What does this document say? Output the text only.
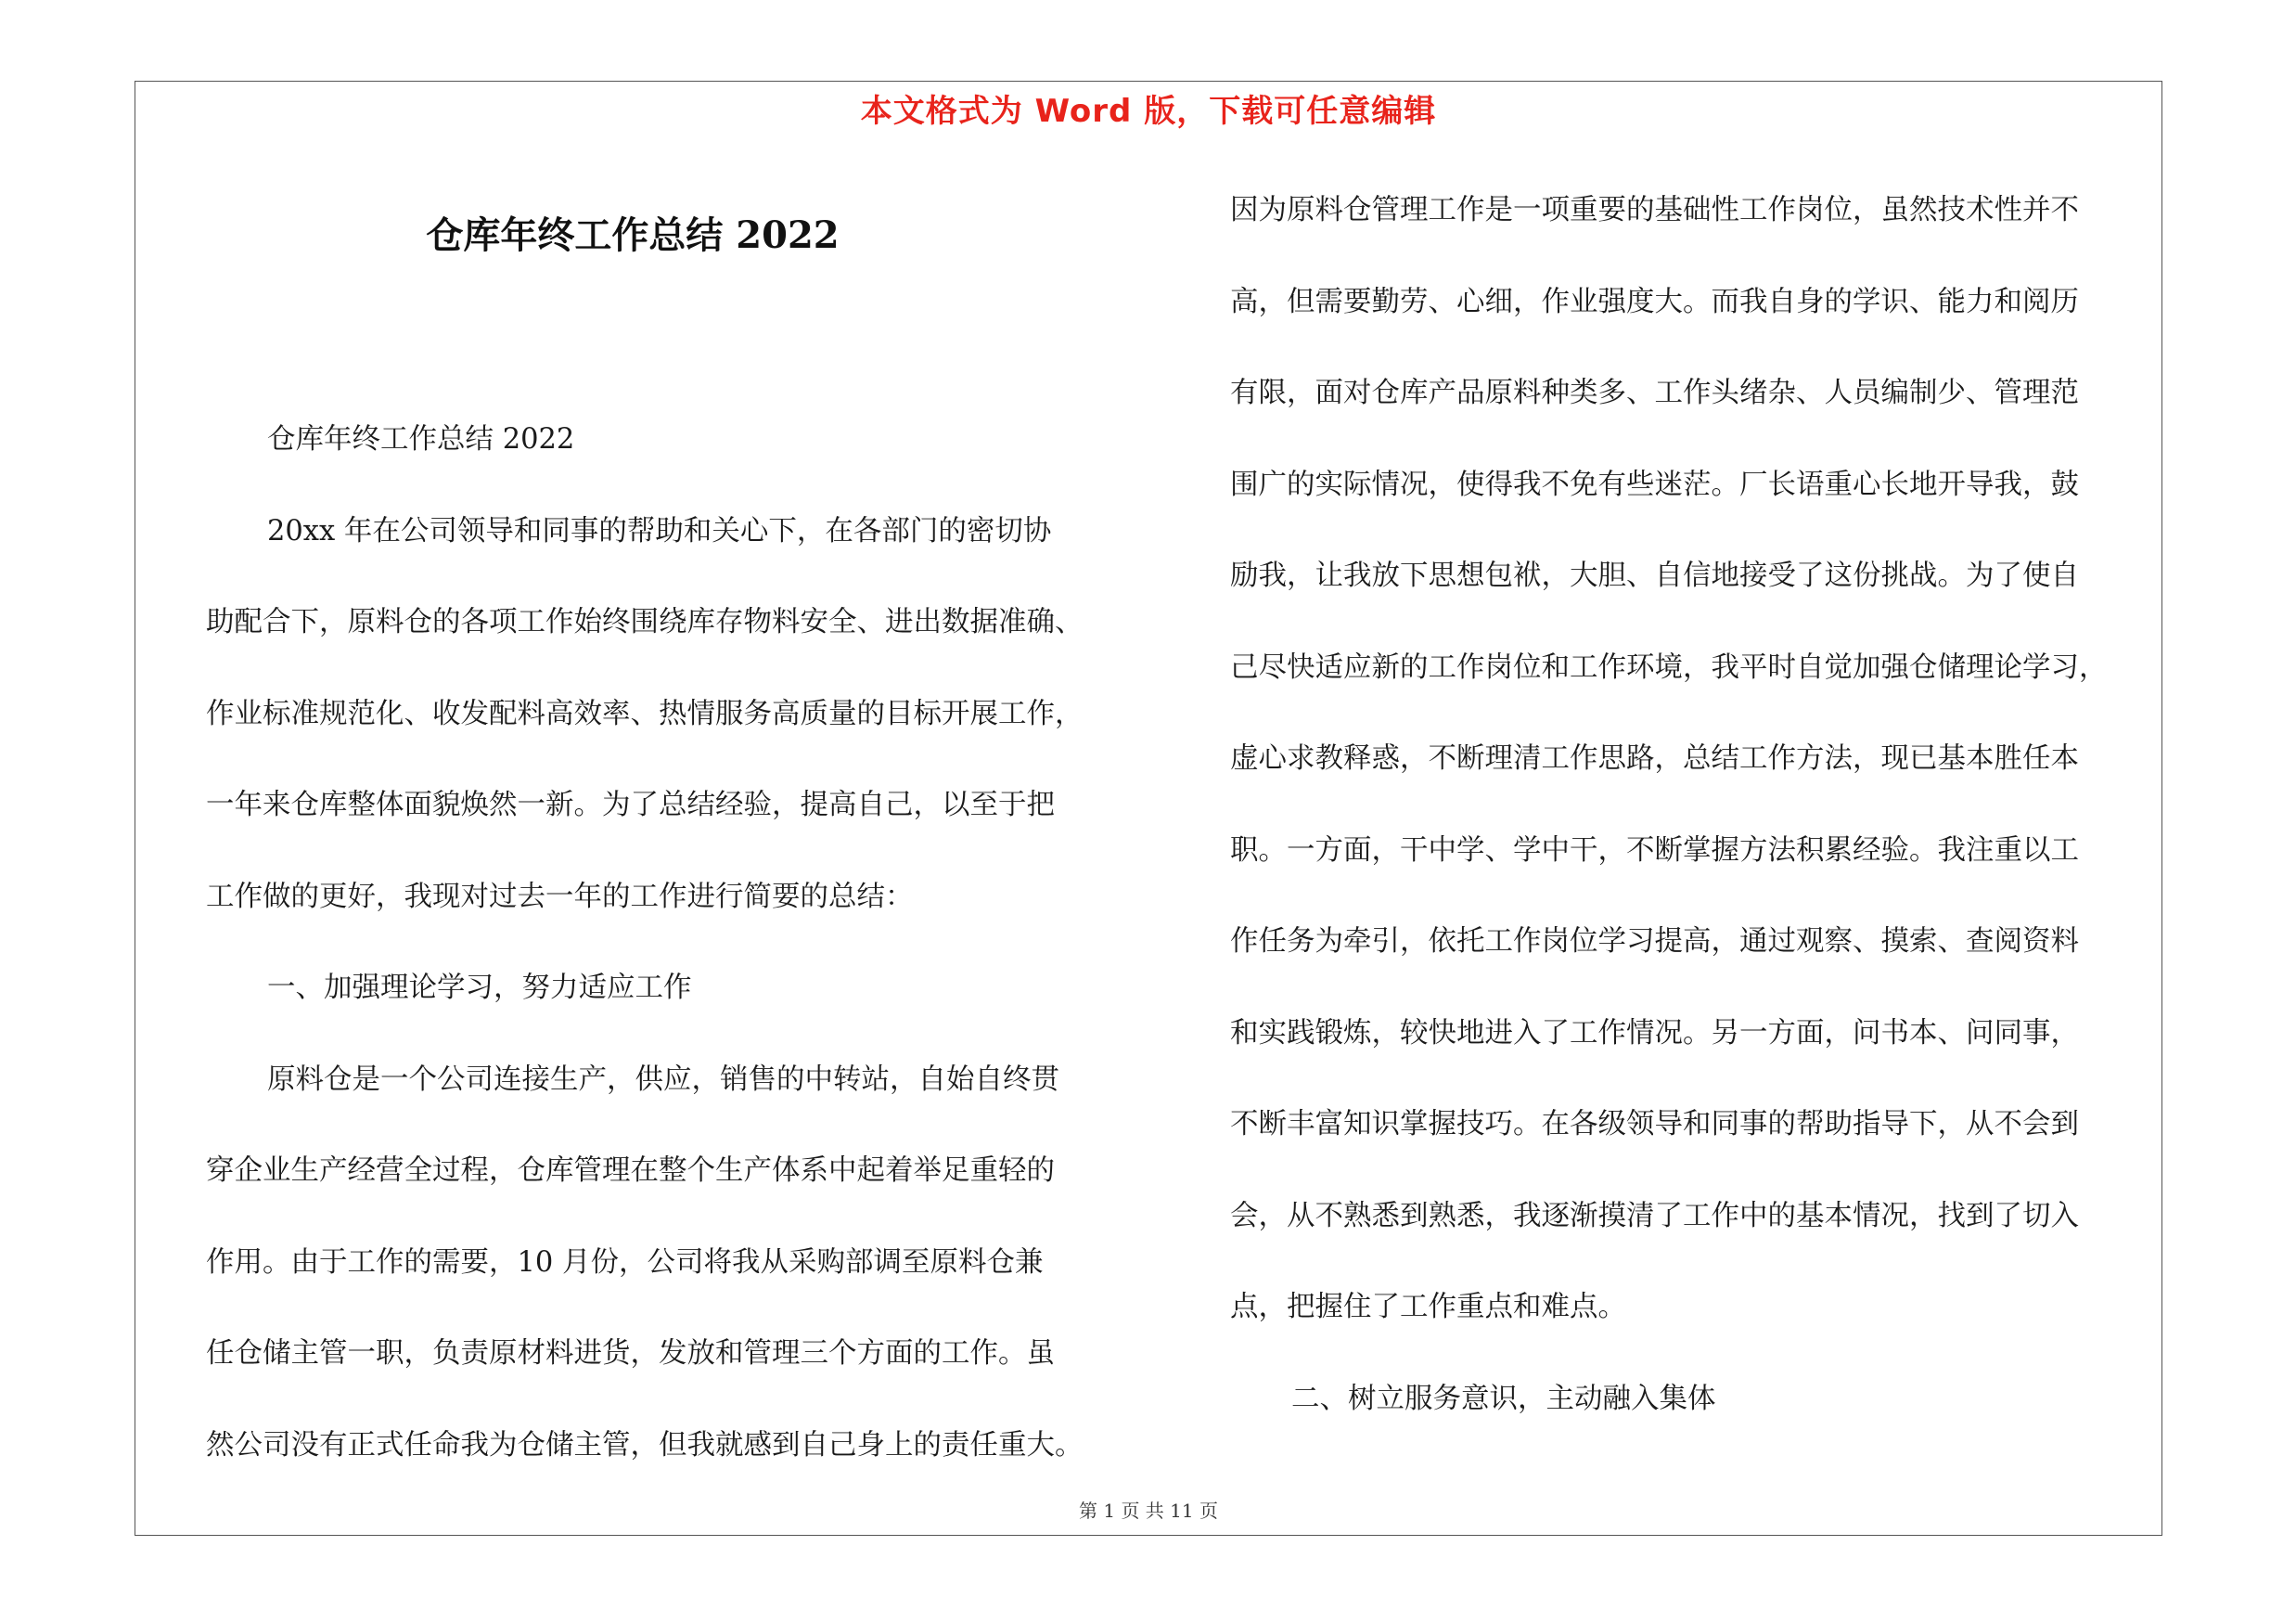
本文格式为 Word 版，下载可任意编辑
仓库年终工作总结 2022
仓库年终工作总结 2022
20xx 年在公司领导和同事的帮助和关心下，在各部门的密切协
助配合下，原料仓的各项工作始终围绕库存物料安全、进出数据准确、
作业标准规范化、收发配料高效率、热情服务高质量的目标开展工作，
一年来仓库整体面貌焕然一新。为了总结经验，提高自己，以至于把
工作做的更好，我现对过去一年的工作进行简要的总结：
一、加强理论学习，努力适应工作
原料仓是一个公司连接生产，供应，销售的中转站，自始自终贯
穿企业生产经营全过程，仓库管理在整个生产体系中起着举足重轻的
作用。由于工作的需要，10 月份，公司将我从采购部调至原料仓兼
任仓储主管一职，负责原材料进货，发放和管理三个方面的工作。虽
然公司没有正式任命我为仓储主管，但我就感到自己身上的责任重大。
因为原料仓管理工作是一项重要的基础性工作岗位，虽然技术性并不
高，但需要勤劳、心细，作业强度大。而我自身的学识、能力和阅历
有限，面对仓库产品原料种类多、工作头绪杂、人员编制少、管理范
围广的实际情况，使得我不免有些迷茫。厂长语重心长地开导我，鼓
励我，让我放下思想包袱，大胆、自信地接受了这份挑战。为了使自
己尽快适应新的工作岗位和工作环境，我平时自觉加强仓储理论学习，
虚心求教释惑，不断理清工作思路，总结工作方法，现已基本胜任本
职。一方面，干中学、学中干，不断掌握方法积累经验。我注重以工
作任务为牵引，依托工作岗位学习提高，通过观察、摸索、查阅资料
和实践锻炼，较快地进入了工作情况。另一方面，问书本、问同事，
不断丰富知识掌握技巧。在各级领导和同事的帮助指导下，从不会到
会，从不熟悉到熟悉，我逐渐摸清了工作中的基本情况，找到了切入
点，把握住了工作重点和难点。
二、树立服务意识，主动融入集体
第 1 页 共 11 页
